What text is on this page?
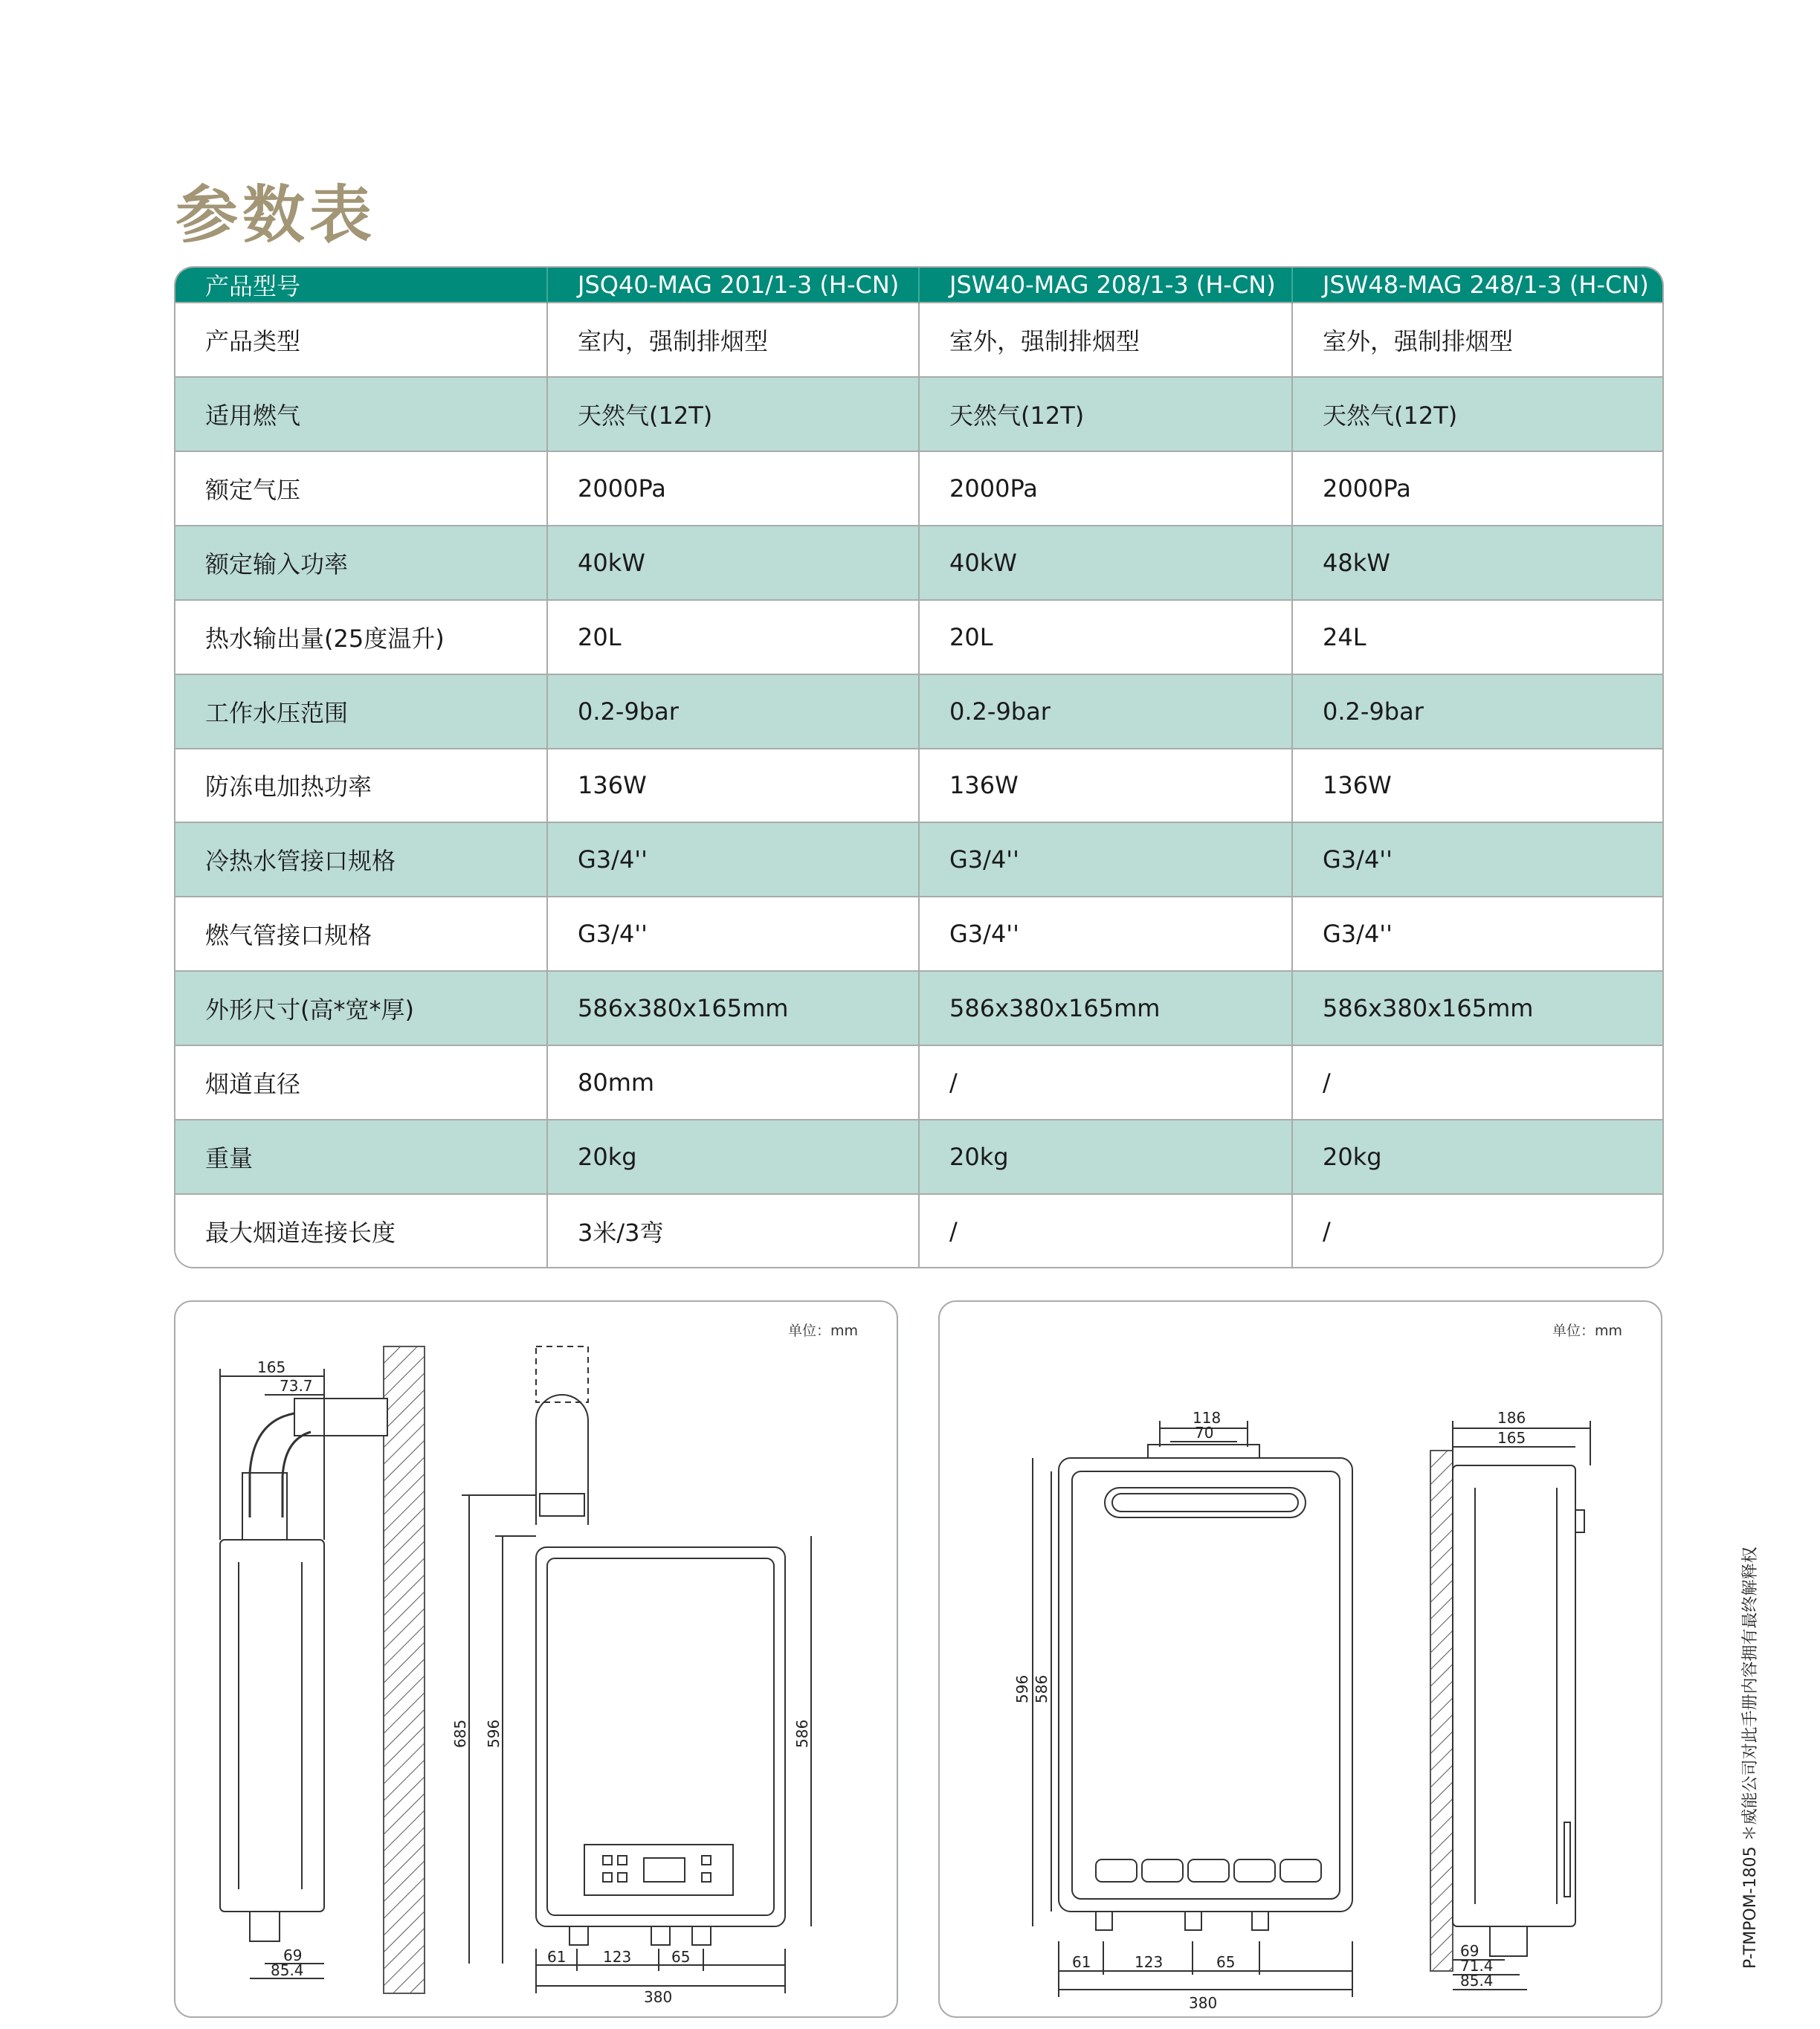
参数表
产品型号	JSQ40-MAG 201/1-3 (H-CN)	JSW40-MAG 208/1-3 (H-CN)	JSW48-MAG 248/1-3 (H-CN)
产品类型	室内，强制排烟型	室外，强制排烟型	室外，强制排烟型
适用燃气	天然气(12T)	天然气(12T)	天然气(12T)
额定气压	2000Pa	2000Pa	2000Pa
额定输入功率	40kW	40kW	48kW
热水输出量(25度温升)	20L	20L	24L
工作水压范围	0.2-9bar	0.2-9bar	0.2-9bar
防冻电加热功率	136W	136W	136W
冷热水管接口规格	G3/4''	G3/4''	G3/4''
燃气管接口规格	G3/4''	G3/4''	G3/4''
外形尺寸(高*宽*厚)	586x380x165mm	586x380x165mm	586x380x165mm
烟道直径	80mm	/	/
重量	20kg	20kg	20kg
最大烟道连接长度	3米/3弯	/	/
单位：mm
165
73.7
685 596	586
69
85.4
61 123	65
380
单位：mm
118
70
596 586
61	123	65
380
186
165
69
71.4
85.4
P-TMPOM-1805 ＊威能公司对此手册内容拥有最终解释权
